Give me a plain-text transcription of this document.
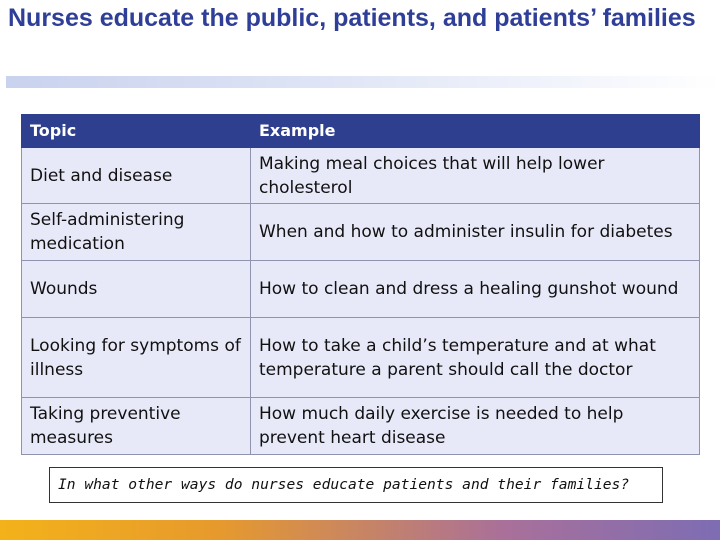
Nurses educate the public, patients, and patients’ families
Topic	Example
Diet and disease	Making meal choices that will help lower cholesterol
Self-administering medication	When and how to administer insulin for diabetes
Wounds	How to clean and dress a healing gunshot wound
Looking for symptoms of illness	How to take a child’s temperature and at what temperature a parent should call the doctor
Taking preventive measures	How much daily exercise is needed to help prevent heart disease
In what other ways do nurses educate patients and their families?
